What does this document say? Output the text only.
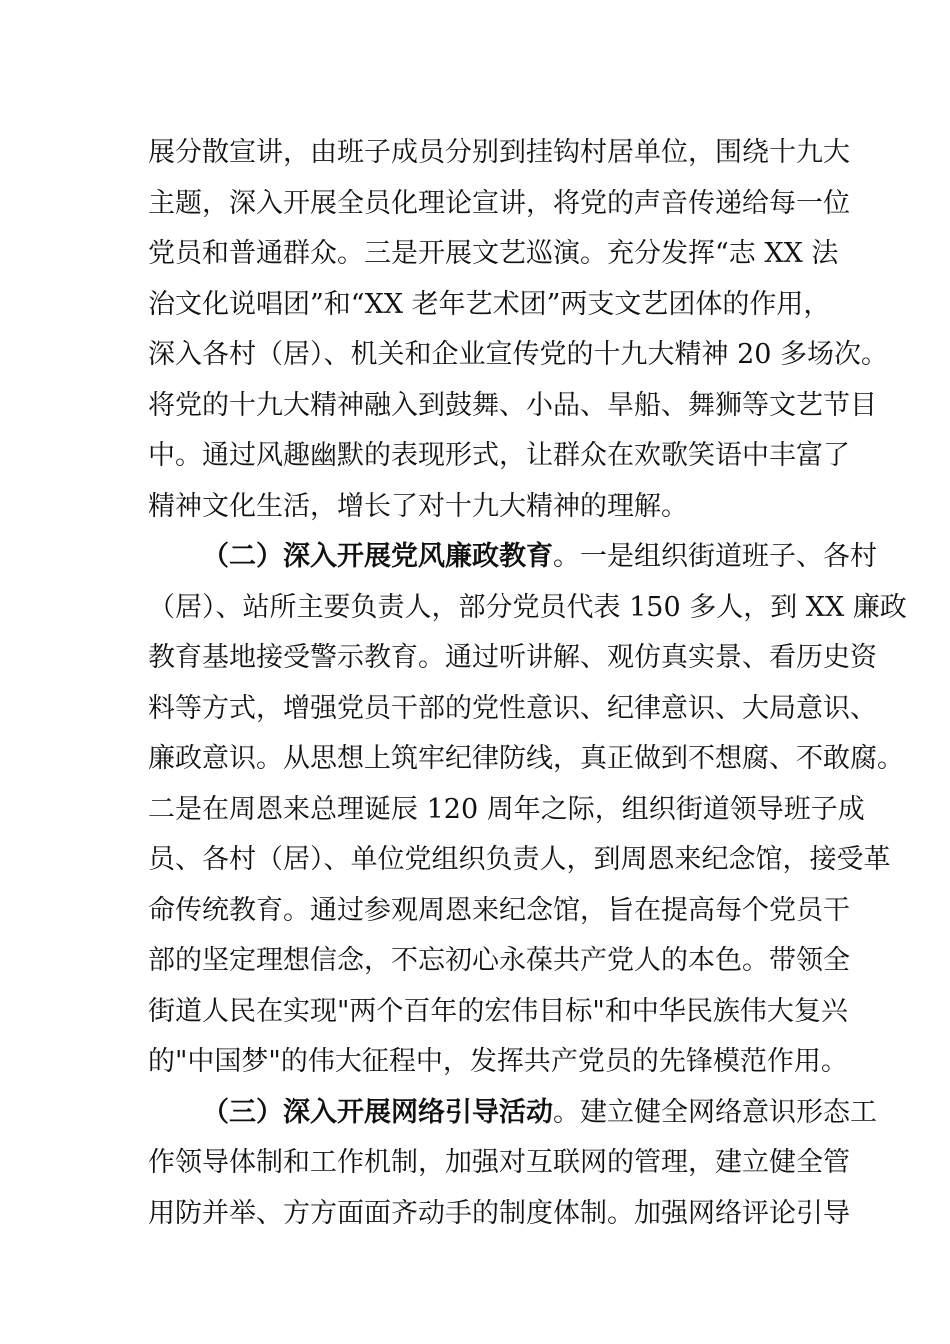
展分散宣讲，由班子成员分别到挂钩村居单位，围绕十九大
主题，深入开展全员化理论宣讲，将党的声音传递给每一位
党员和普通群众。三是开展文艺巡演。充分发挥“志 XX 法
治文化说唱团”和“XX 老年艺术团”两支文艺团体的作用，
深入各村（居）、机关和企业宣传党的十九大精神 20 多场次。
将党的十九大精神融入到鼓舞、小品、旱船、舞狮等文艺节目
中。通过风趣幽默的表现形式，让群众在欢歌笑语中丰富了
精神文化生活，增长了对十九大精神的理解。
（二）深入开展党风廉政教育。一是组织街道班子、各村
（居）、站所主要负责人，部分党员代表 150 多人，到 XX 廉政
教育基地接受警示教育。通过听讲解、观仿真实景、看历史资
料等方式，增强党员干部的党性意识、纪律意识、大局意识、
廉政意识。从思想上筑牢纪律防线，真正做到不想腐、不敢腐。
二是在周恩来总理诞辰 120 周年之际，组织街道领导班子成
员、各村（居）、单位党组织负责人，到周恩来纪念馆，接受革
命传统教育。通过参观周恩来纪念馆，旨在提高每个党员干
部的坚定理想信念，不忘初心永葆共产党人的本色。带领全
街道人民在实现"两个百年的宏伟目标"和中华民族伟大复兴
的"中国梦"的伟大征程中，发挥共产党员的先锋模范作用。
（三）深入开展网络引导活动。建立健全网络意识形态工
作领导体制和工作机制，加强对互联网的管理，建立健全管
用防并举、方方面面齐动手的制度体制。加强网络评论引导
